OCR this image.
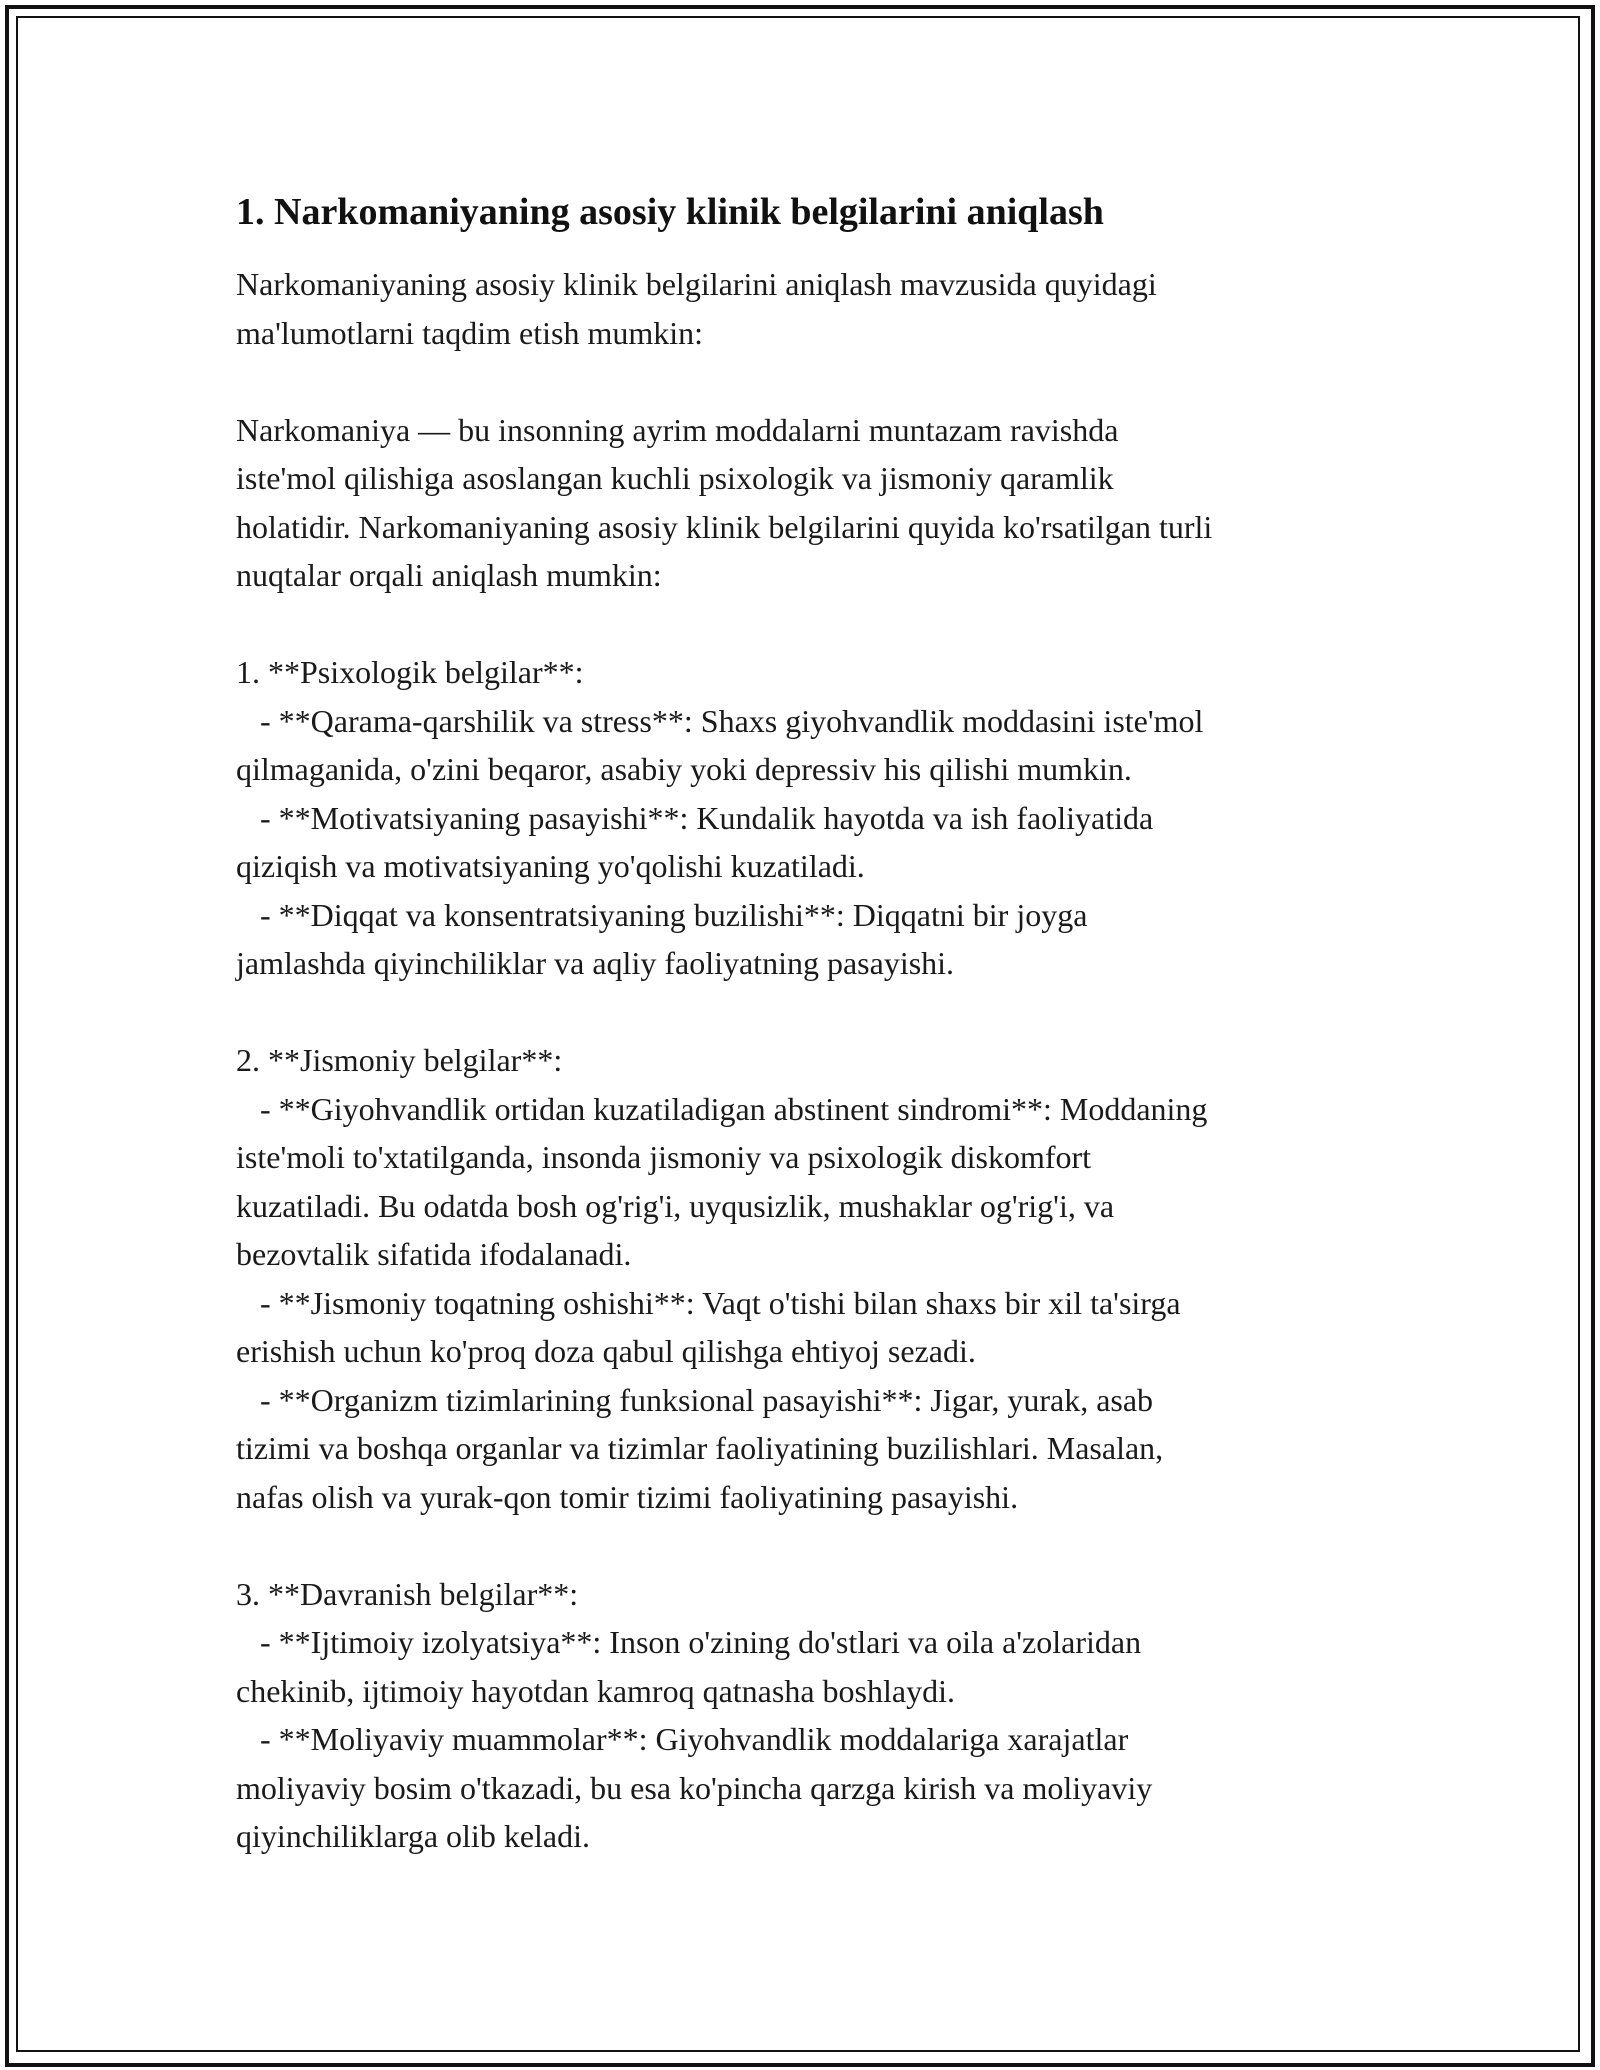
1. Narkomaniyaning asosiy klinik belgilarini aniqlash
Narkomaniyaning asosiy klinik belgilarini aniqlash mavzusida quyidagi
ma'lumotlarni taqdim etish mumkin:
Narkomaniya — bu insonning ayrim moddalarni muntazam ravishda
iste'mol qilishiga asoslangan kuchli psixologik va jismoniy qaramlik
holatidir. Narkomaniyaning asosiy klinik belgilarini quyida ko'rsatilgan turli
nuqtalar orqali aniqlash mumkin:
1. **Psixologik belgilar**:
- **Qarama-qarshilik va stress**: Shaxs giyohvandlik moddasini iste'mol
qilmaganida, o'zini beqaror, asabiy yoki depressiv his qilishi mumkin.
- **Motivatsiyaning pasayishi**: Kundalik hayotda va ish faoliyatida
qiziqish va motivatsiyaning yo'qolishi kuzatiladi.
- **Diqqat va konsentratsiyaning buzilishi**: Diqqatni bir joyga
jamlashda qiyinchiliklar va aqliy faoliyatning pasayishi.
2. **Jismoniy belgilar**:
- **Giyohvandlik ortidan kuzatiladigan abstinent sindromi**: Moddaning
iste'moli to'xtatilganda, insonda jismoniy va psixologik diskomfort
kuzatiladi. Bu odatda bosh og'rig'i, uyqusizlik, mushaklar og'rig'i, va
bezovtalik sifatida ifodalanadi.
- **Jismoniy toqatning oshishi**: Vaqt o'tishi bilan shaxs bir xil ta'sirga
erishish uchun ko'proq doza qabul qilishga ehtiyoj sezadi.
- **Organizm tizimlarining funksional pasayishi**: Jigar, yurak, asab
tizimi va boshqa organlar va tizimlar faoliyatining buzilishlari. Masalan,
nafas olish va yurak-qon tomir tizimi faoliyatining pasayishi.
3. **Davranish belgilar**:
- **Ijtimoiy izolyatsiya**: Inson o'zining do'stlari va oila a'zolaridan
chekinib, ijtimoiy hayotdan kamroq qatnasha boshlaydi.
- **Moliyaviy muammolar**: Giyohvandlik moddalariga xarajatlar
moliyaviy bosim o'tkazadi, bu esa ko'pincha qarzga kirish va moliyaviy
qiyinchiliklarga olib keladi.
